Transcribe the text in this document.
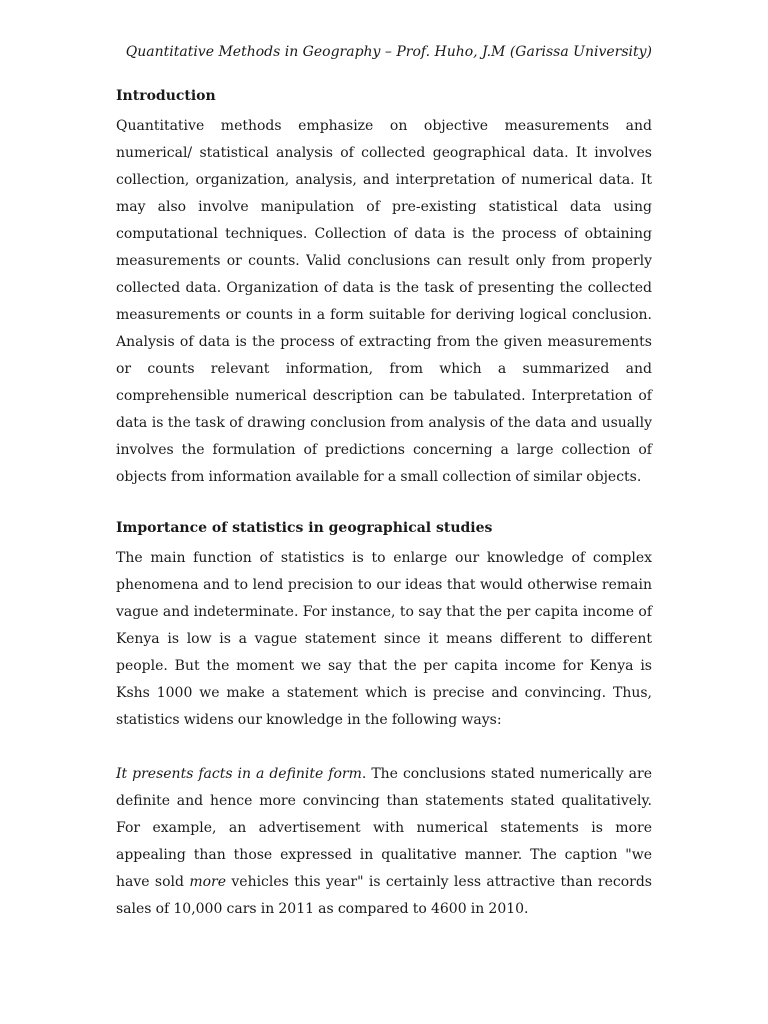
Quantitative Methods in Geography – Prof. Huho, J.M (Garissa University)
Introduction

Quantitative methods emphasize on objective measurements and numerical/ statistical analysis of collected geographical data. It involves collection, organization, analysis, and interpretation of numerical data. It may also involve manipulation of pre-existing statistical data using computational techniques. Collection of data is the process of obtaining measurements or counts. Valid conclusions can result only from properly collected data. Organization of data is the task of presenting the collected measurements or counts in a form suitable for deriving logical conclusion. Analysis of data is the process of extracting from the given measurements or counts relevant information, from which a summarized and comprehensible numerical description can be tabulated. Interpretation of data is the task of drawing conclusion from analysis of the data and usually involves the formulation of predictions concerning a large collection of objects from information available for a small collection of similar objects.

Importance of statistics in geographical studies

The main function of statistics is to enlarge our knowledge of complex phenomena and to lend precision to our ideas that would otherwise remain vague and indeterminate. For instance, to say that the per capita income of Kenya is low is a vague statement since it means different to different people. But the moment we say that the per capita income for Kenya is Kshs 1000 we make a statement which is precise and convincing. Thus, statistics widens our knowledge in the following ways:

It presents facts in a definite form. The conclusions stated numerically are definite and hence more convincing than statements stated qualitatively. For example, an advertisement with numerical statements is more appealing than those expressed in qualitative manner. The caption "we have sold more vehicles this year" is certainly less attractive than records sales of 10,000 cars in 2011 as compared to 4600 in 2010.
